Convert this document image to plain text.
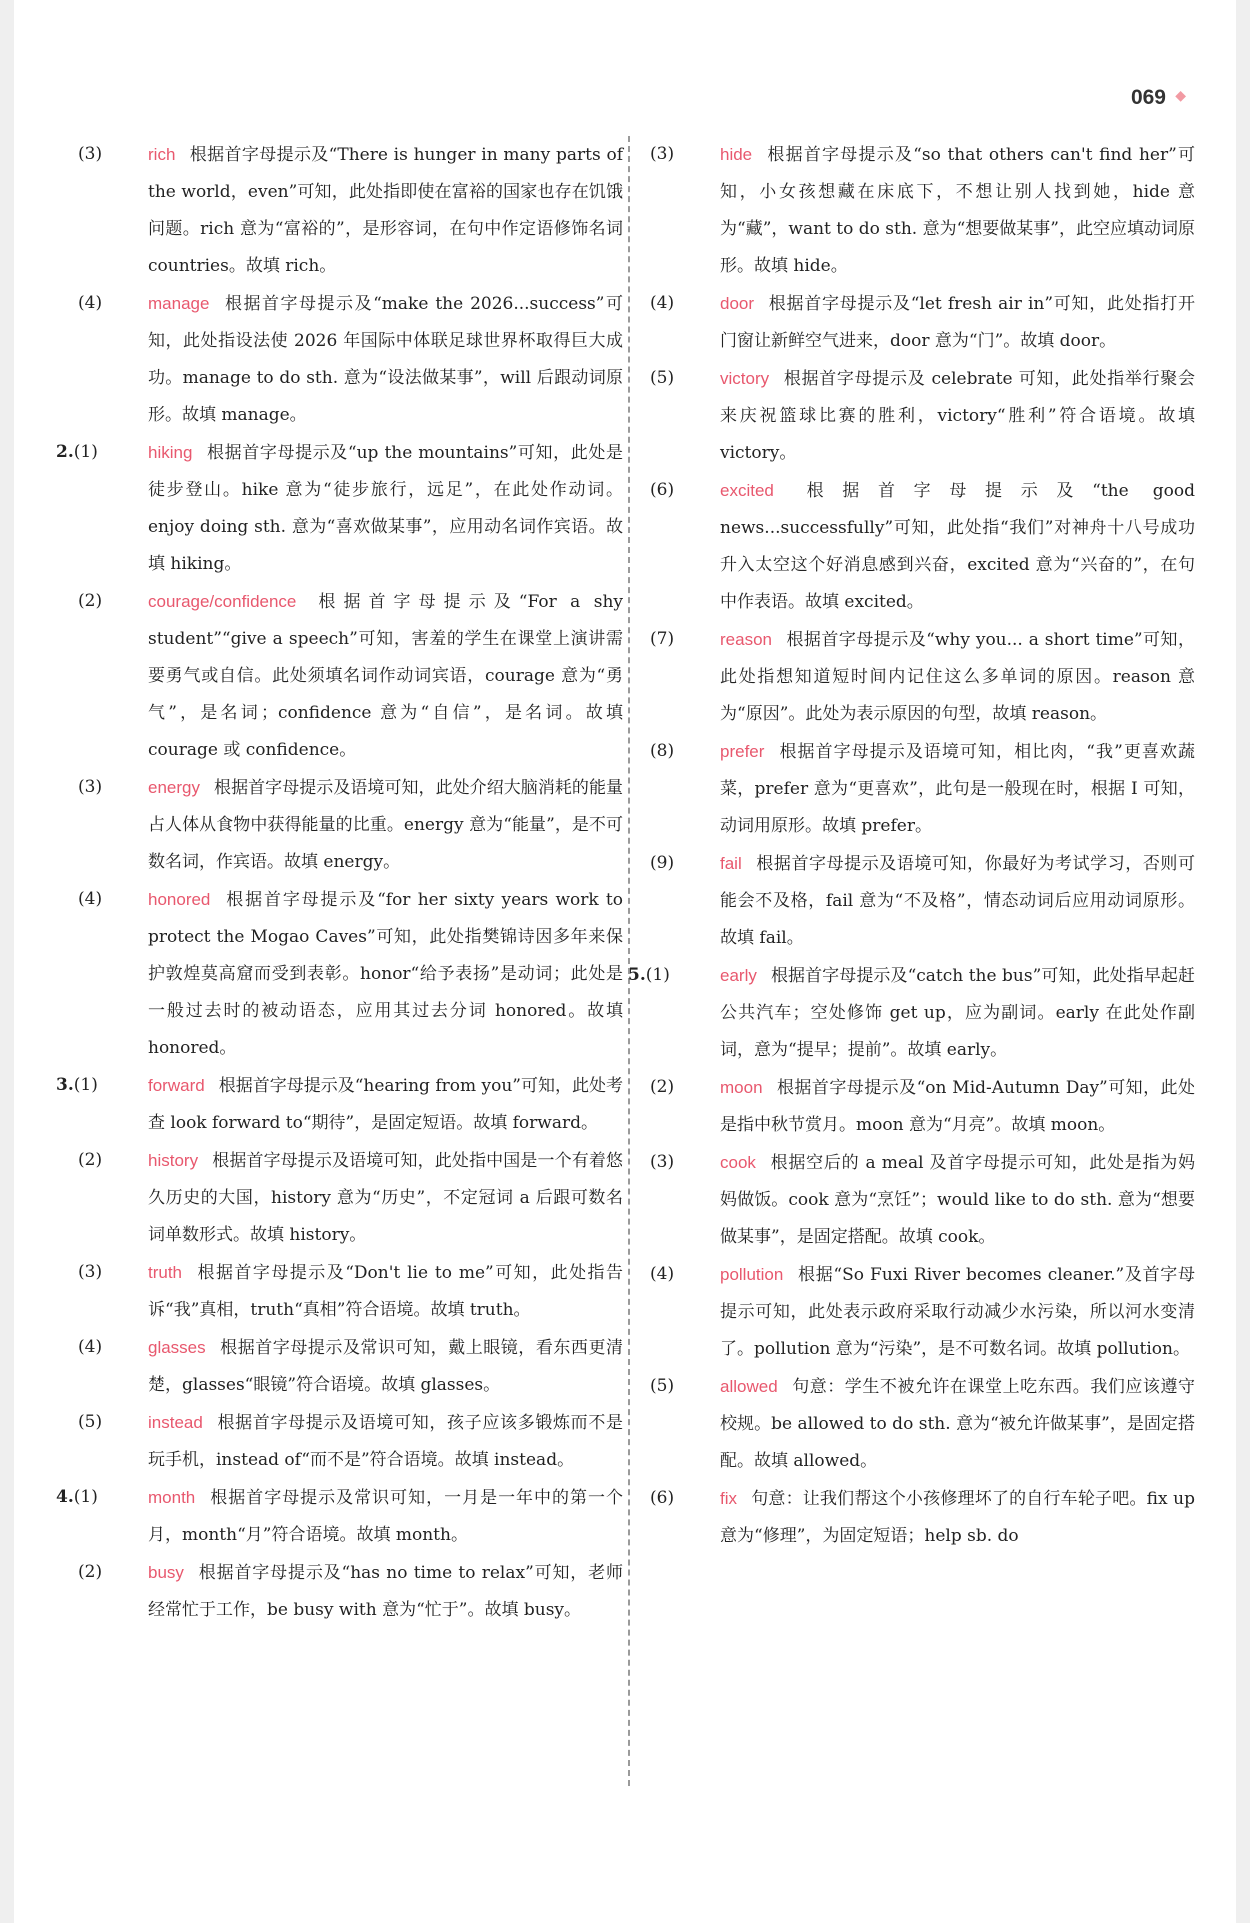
069 ◆

(3)	rich 根据首字母提示及“There is hunger in many parts of the world，even”可知，此处指即使在富裕的国家也存在饥饿问题。rich 意为“富裕的”，是形容词，在句中作定语修饰名词 countries。故填 rich。

(4)	manage 根据首字母提示及“make the 2026...success”可知，此处指设法使 2026 年国际中体联足球世界杯取得巨大成功。manage to do sth. 意为“设法做某事”，will 后跟动词原形。故填 manage。

2.(1)	hiking 根据首字母提示及“up the mountains”可知，此处是徒步登山。hike 意为“徒步旅行，远足”，在此处作动词。enjoy doing sth. 意为“喜欢做某事”，应用动名词作宾语。故填 hiking。

(2)	courage/confidence 根据首字母提示及“For a shy student”“give a speech”可知，害羞的学生在课堂上演讲需要勇气或自信。此处须填名词作动词宾语，courage 意为“勇气”，是名词；confidence 意为“自信”，是名词。故填 courage 或 confidence。

(3)	energy 根据首字母提示及语境可知，此处介绍大脑消耗的能量占人体从食物中获得能量的比重。energy 意为“能量”，是不可数名词，作宾语。故填 energy。

(4)	honored 根据首字母提示及“for her sixty years work to protect the Mogao Caves”可知，此处指樊锦诗因多年来保护敦煌莫高窟而受到表彰。honor“给予表扬”是动词；此处是一般过去时的被动语态，应用其过去分词 honored。故填 honored。

3.(1)	forward 根据首字母提示及“hearing from you”可知，此处考查 look forward to“期待”，是固定短语。故填 forward。

(2)	history 根据首字母提示及语境可知，此处指中国是一个有着悠久历史的大国，history 意为“历史”，不定冠词 a 后跟可数名词单数形式。故填 history。

(3)	truth 根据首字母提示及“Don't lie to me”可知，此处指告诉“我”真相，truth“真相”符合语境。故填 truth。

(4)	glasses 根据首字母提示及常识可知，戴上眼镜，看东西更清楚，glasses“眼镜”符合语境。故填 glasses。

(5)	instead 根据首字母提示及语境可知，孩子应该多锻炼而不是玩手机，instead of“而不是”符合语境。故填 instead。

4.(1)	month 根据首字母提示及常识可知，一月是一年中的第一个月，month“月”符合语境。故填 month。

(2)	busy 根据首字母提示及“has no time to relax”可知，老师经常忙于工作，be busy with 意为“忙于”。故填 busy。

(3)	hide 根据首字母提示及“so that others can't find her”可知，小女孩想藏在床底下，不想让别人找到她，hide 意为“藏”，want to do sth. 意为“想要做某事”，此空应填动词原形。故填 hide。

(4)	door 根据首字母提示及“let fresh air in”可知，此处指打开门窗让新鲜空气进来，door 意为“门”。故填 door。

(5)	victory 根据首字母提示及 celebrate 可知，此处指举行聚会来庆祝篮球比赛的胜利，victory“胜利”符合语境。故填 victory。

(6)	excited 根据首字母提示及“the good news...successfully”可知，此处指“我们”对神舟十八号成功升入太空这个好消息感到兴奋，excited 意为“兴奋的”，在句中作表语。故填 excited。

(7)	reason 根据首字母提示及“why you... a short time”可知，此处指想知道短时间内记住这么多单词的原因。reason 意为“原因”。此处为表示原因的句型，故填 reason。

(8)	prefer 根据首字母提示及语境可知，相比肉，“我”更喜欢蔬菜，prefer 意为“更喜欢”，此句是一般现在时，根据 I 可知，动词用原形。故填 prefer。

(9)	fail 根据首字母提示及语境可知，你最好为考试学习，否则可能会不及格，fail 意为“不及格”，情态动词后应用动词原形。故填 fail。

5.(1)	early 根据首字母提示及“catch the bus”可知，此处指早起赶公共汽车；空处修饰 get up，应为副词。early 在此处作副词，意为“提早；提前”。故填 early。

(2)	moon 根据首字母提示及“on Mid-Autumn Day”可知，此处是指中秋节赏月。moon 意为“月亮”。故填 moon。

(3)	cook 根据空后的 a meal 及首字母提示可知，此处是指为妈妈做饭。cook 意为“烹饪”；would like to do sth. 意为“想要做某事”，是固定搭配。故填 cook。

(4)	pollution 根据“So Fuxi River becomes cleaner.”及首字母提示可知，此处表示政府采取行动减少水污染，所以河水变清了。pollution 意为“污染”，是不可数名词。故填 pollution。

(5)	allowed 句意：学生不被允许在课堂上吃东西。我们应该遵守校规。be allowed to do sth. 意为“被允许做某事”，是固定搭配。故填 allowed。

(6)	fix 句意：让我们帮这个小孩修理坏了的自行车轮子吧。fix up 意为“修理”，为固定短语；help sb. do
